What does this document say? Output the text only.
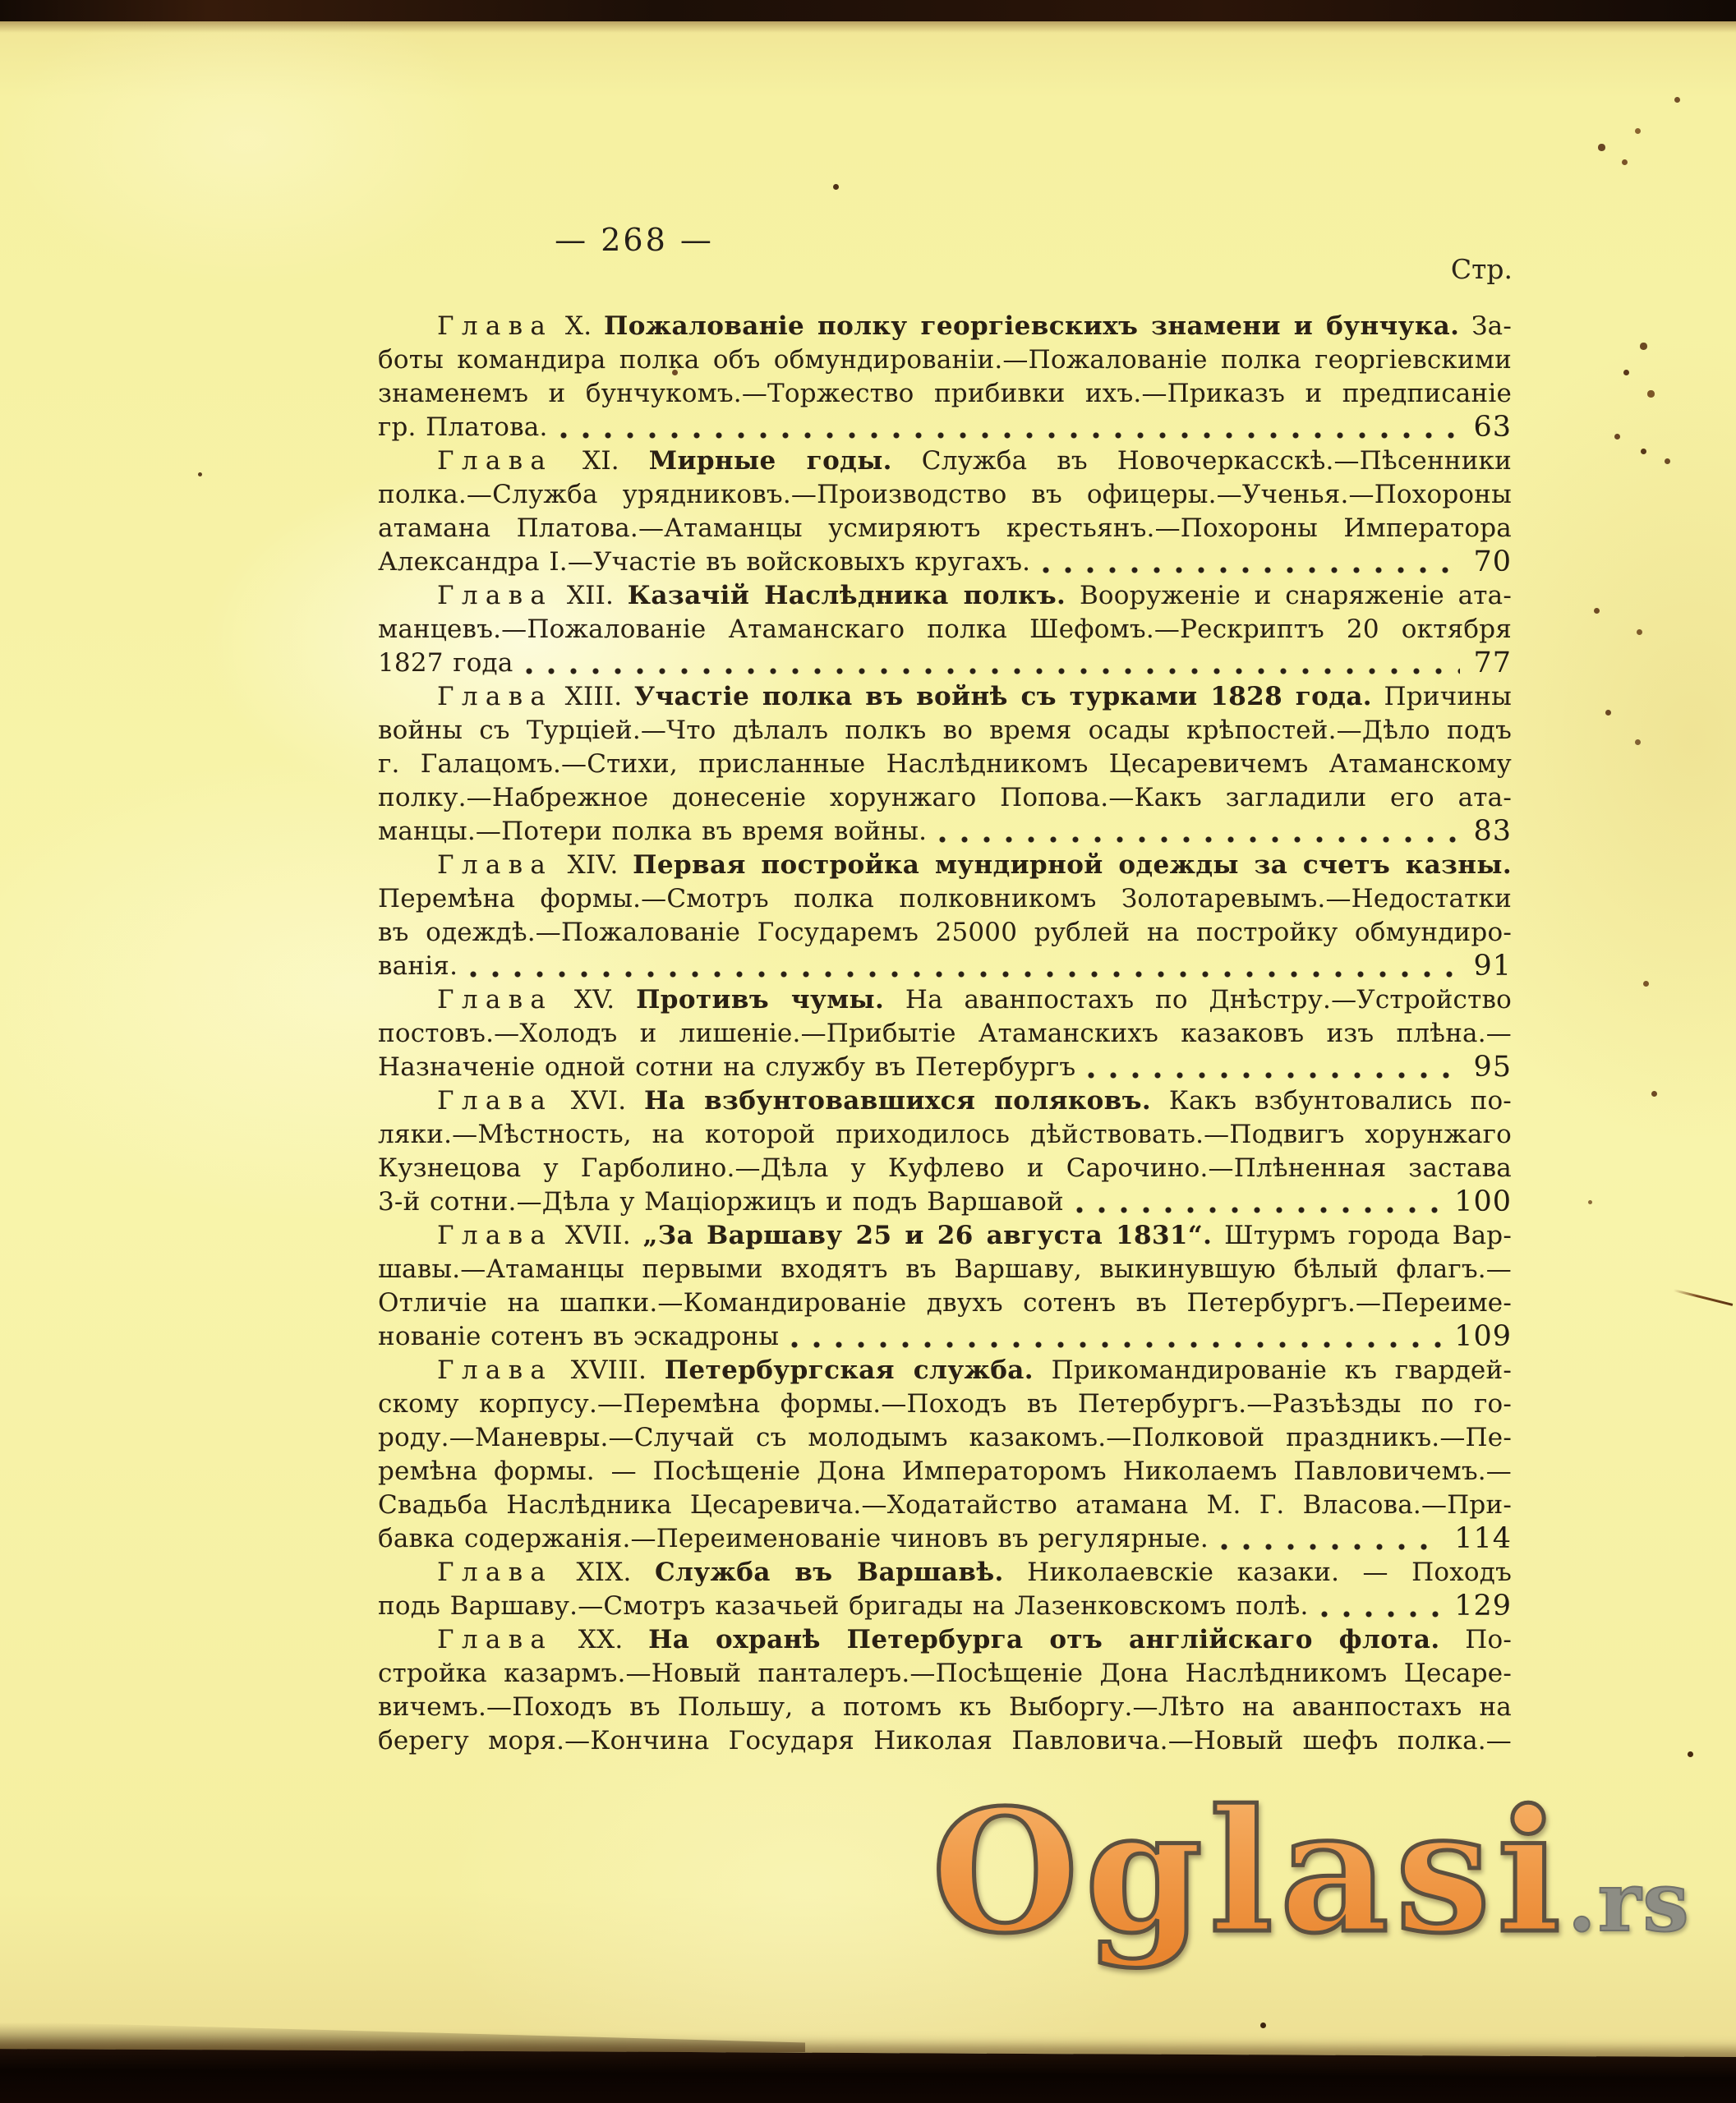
— 268 —
Стр.
Глава X. Пожалованіе полку георгіевскихъ знамени и бунчука. За-
боты командира полка объ обмундированіи.—Пожалованіе полка георгіевскими
знаменемъ и бунчукомъ.—Торжество прибивки ихъ.—Приказъ и предписаніе
гр. Платова.	63
Глава XI. Мирные годы. Служба въ Новочеркасскѣ.—Пѣсенники
полка.—Служба урядниковъ.—Производство въ офицеры.—Ученья.—Похороны
атамана Платова.—Атаманцы усмиряютъ крестьянъ.—Похороны Императора
Александра I.—Участіе въ войсковыхъ кругахъ.	70
Глава XII. Казачій Наслѣдника полкъ. Вооруженіе и снаряженіе ата-
манцевъ.—Пожалованіе Атаманскаго полка Шефомъ.—Рескриптъ 20 октября
1827 года	77
Глава XIII. Участіе полка въ войнѣ съ турками 1828 года. Причины
войны съ Турціей.—Что дѣлалъ полкъ во время осады крѣпостей.—Дѣло подъ
г. Галацомъ.—Стихи, присланные Наслѣдникомъ Цесаревичемъ Атаманскому
полку.—Набрежное донесеніе хорунжаго Попова.—Какъ загладили его ата-
манцы.—Потери полка въ время войны.	83
Глава XIV. Первая постройка мундирной одежды за счетъ казны.
Перемѣна формы.—Смотръ полка полковникомъ Золотаревымъ.—Недостатки
въ одеждѣ.—Пожалованіе Государемъ 25000 рублей на постройку обмундиро-
ванія.	91
Глава XV. Противъ чумы. На аванпостахъ по Днѣстру.—Устройство
постовъ.—Холодъ и лишеніе.—Прибытіе Атаманскихъ казаковъ изъ плѣна.—
Назначеніе одной сотни на службу въ Петербургъ	95
Глава XVI. На взбунтовавшихся поляковъ. Какъ взбунтовались по-
ляки.—Мѣстность, на которой приходилось дѣйствовать.—Подвигъ хорунжаго
Кузнецова у Гарболино.—Дѣла у Куфлево и Сарочино.—Плѣненная застава
3-й сотни.—Дѣла у Маціоржицъ и подъ Варшавой	100
Глава XVII. „За Варшаву 25 и 26 августа 1831“. Штурмъ города Вар-
шавы.—Атаманцы первыми входятъ въ Варшаву, выкинувшую бѣлый флагъ.—
Отличіе на шапки.—Командированіе двухъ сотенъ въ Петербургъ.—Переиме-
нованіе сотенъ въ эскадроны	109
Глава XVIII. Петербургская служба. Прикомандированіе къ гвардей-
скому корпусу.—Перемѣна формы.—Походъ въ Петербургъ.—Разъѣзды по го-
роду.—Маневры.—Случай съ молодымъ казакомъ.—Полковой праздникъ.—Пе-
ремѣна формы. — Посѣщеніе Дона Императоромъ Николаемъ Павловичемъ.—
Свадьба Наслѣдника Цесаревича.—Ходатайство атамана М. Г. Власова.—При-
бавка содержанія.—Переименованіе чиновъ въ регулярные.	114
Глава XIX. Служба въ Варшавѣ. Николаевскіе казаки. — Походъ
подь Варшаву.—Смотръ казачьей бригады на Лазенковскомъ полѣ.	129
Глава XX. На охранѣ Петербурга отъ англійскаго флота. По-
стройка казармъ.—Новый панталеръ.—Посѣщеніе Дона Наслѣдникомъ Цесаре-
вичемъ.—Походъ въ Польшу, а потомъ къ Выборгу.—Лѣто на аванпостахъ на
берегу моря.—Кончина Государя Николая Павловича.—Новый шефъ полка.—
Oglasi.rs
